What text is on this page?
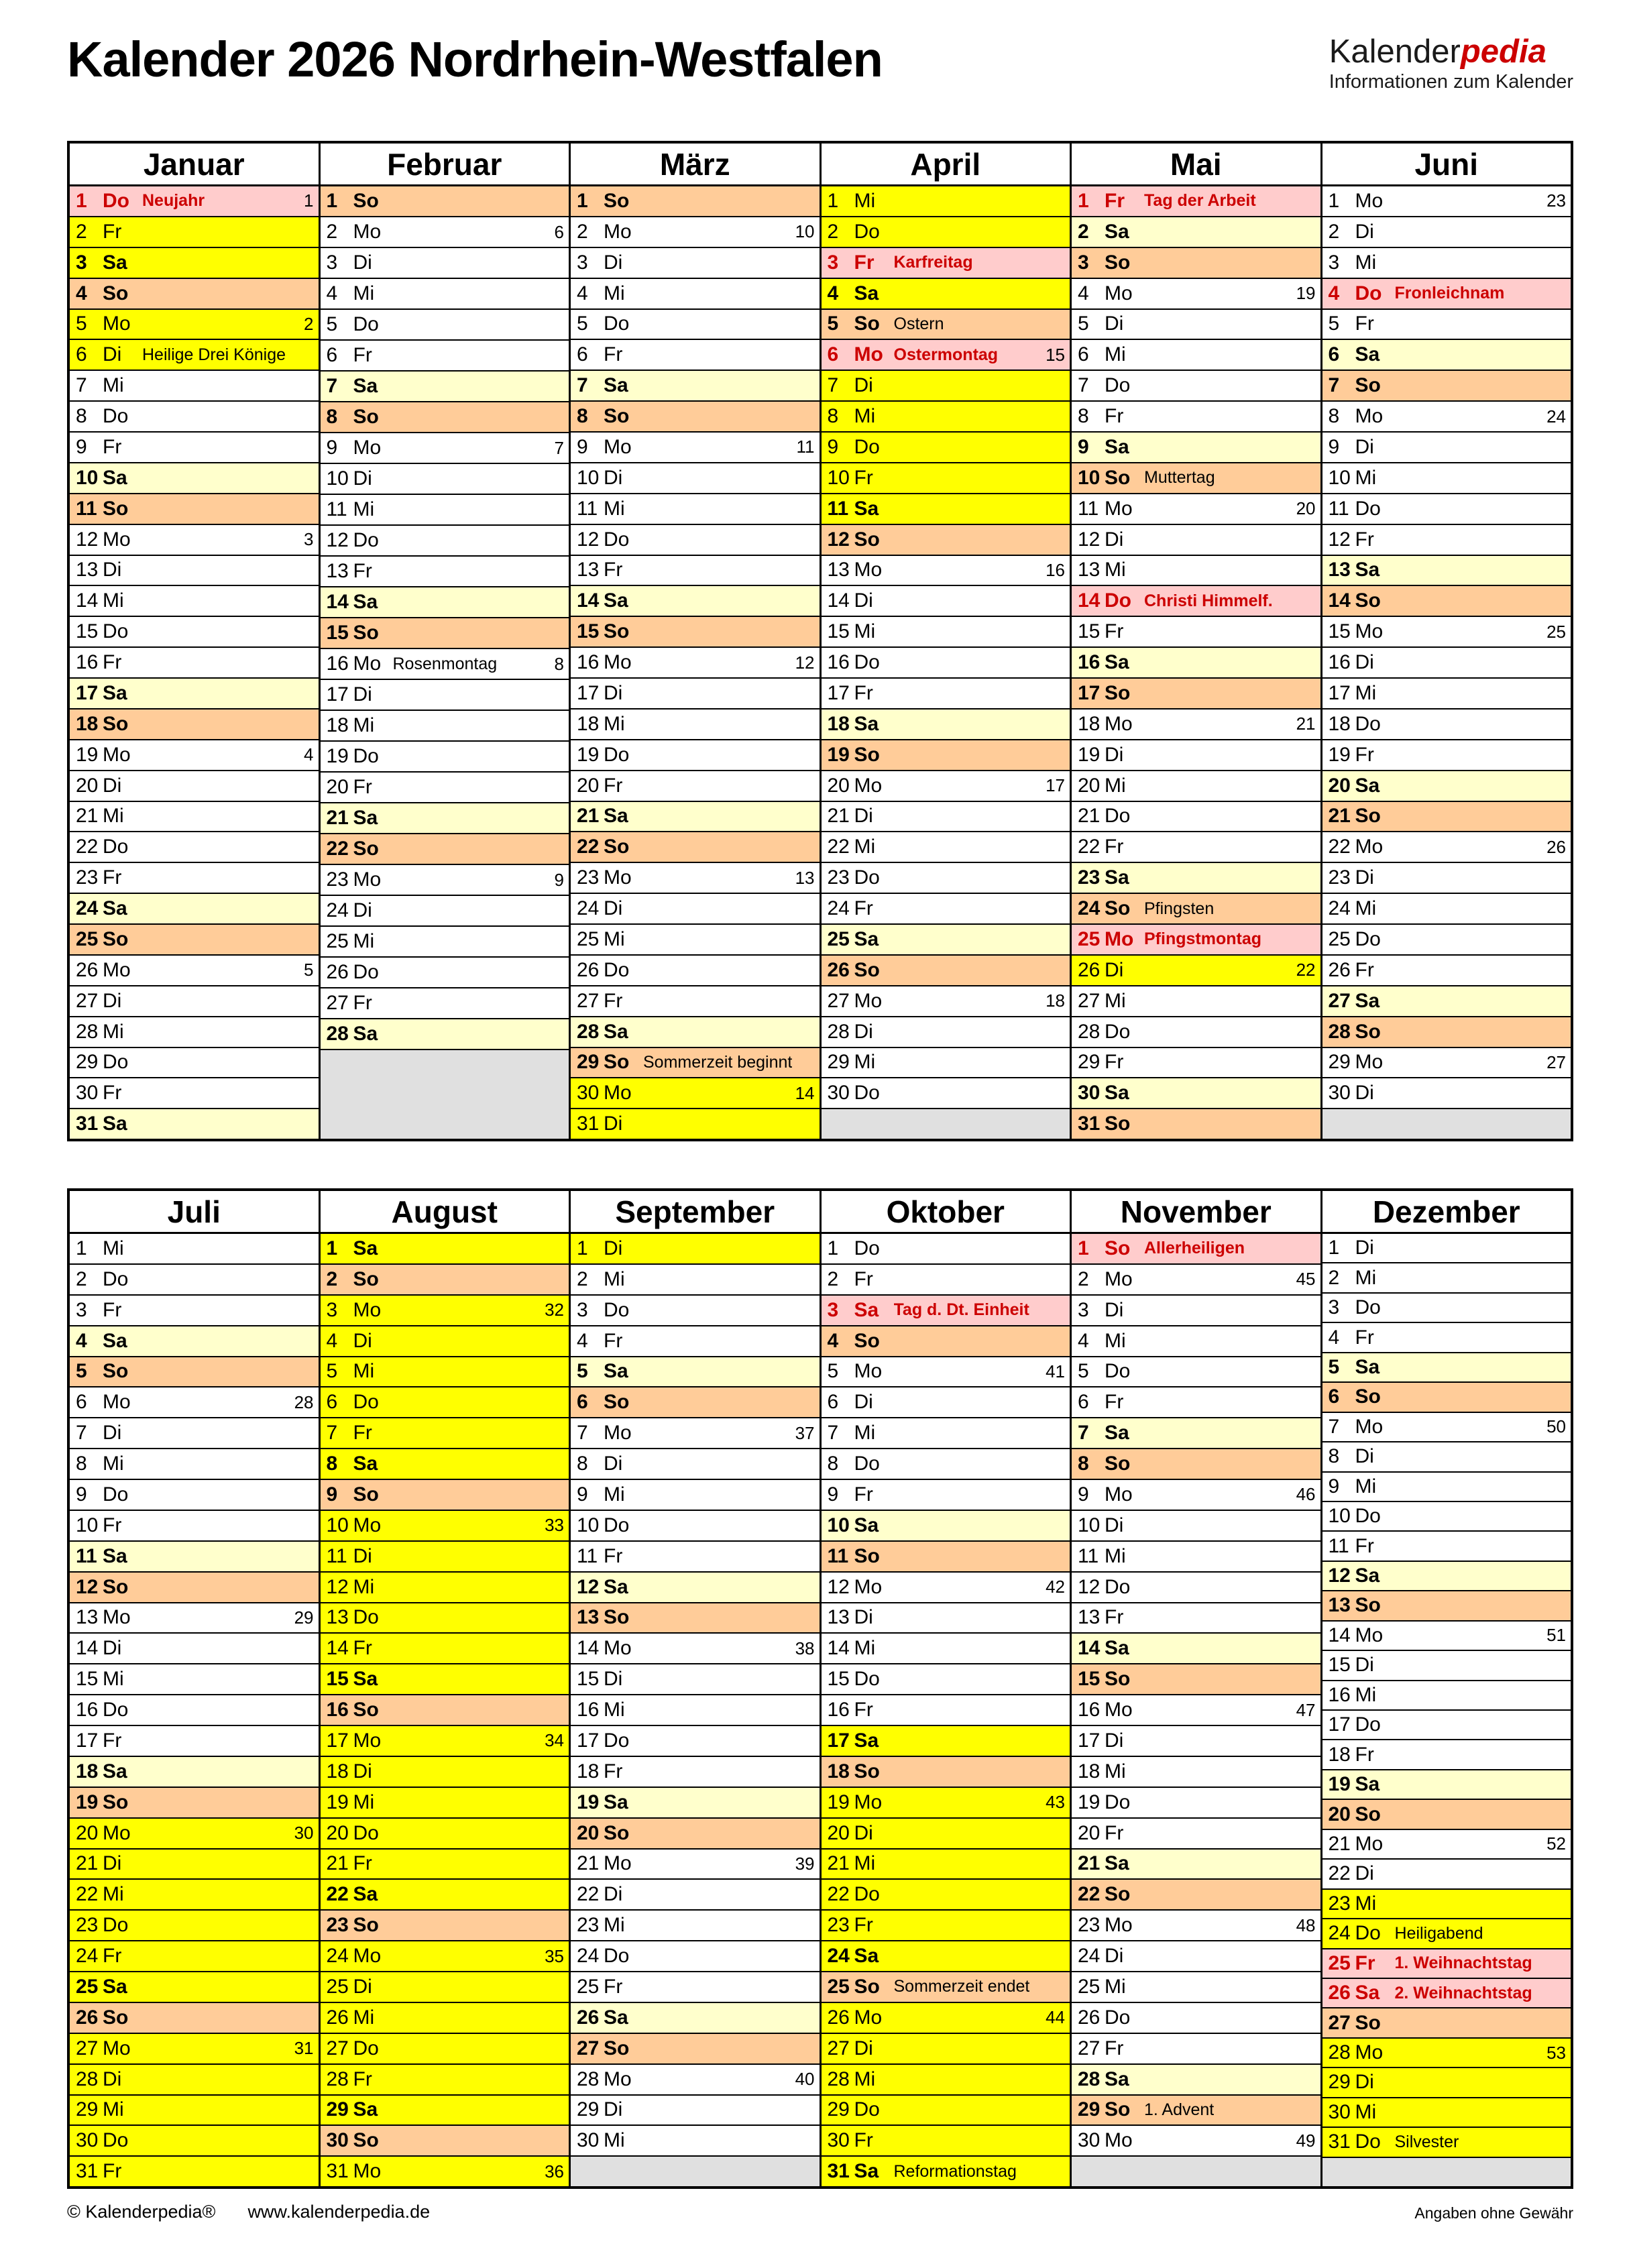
Kalender 2026 Nordrhein-Westfalen	Kalenderpedia
Informationen zum Kalender
Januar
1 Do Neujahr	1
2 Fr
3 Sa
4 So
5 Mo	2
6 Di	Heilige Drei Könige
7 Mi
8 Do
9 Fr
10 Sa
11 So
12 Mo	3
13 Di
14 Mi
15 Do
16 Fr
17 Sa
18 So
19 Mo	4
20 Di
21 Mi
22 Do
23 Fr
24 Sa
25 So
26 Mo	5
27 Di
28 Mi
29 Do
30 Fr
31 Sa
Februar
1 So
2 Mo	6
3 Di
4 Mi
5 Do
6 Fr
7 Sa
8 So
9 Mo	7
10 Di
11 Mi
12 Do
13 Fr
14 Sa
15 So
16 Mo Rosenmontag	8
17 Di
18 Mi
19 Do
20 Fr
21 Sa
22 So
23 Mo	9
24 Di
25 Mi
26 Do
27 Fr
28 Sa
März
1 So
2 Mo	10
3 Di
4 Mi
5 Do
6 Fr
7 Sa
8 So
9 Mo	11
10 Di
11 Mi
12 Do
13 Fr
14 Sa
15 So
16 Mo	12
17 Di
18 Mi
19 Do
20 Fr
21 Sa
22 So
23 Mo	13
24 Di
25 Mi
26 Do
27 Fr
28 Sa
29 So Sommerzeit beginnt
30 Mo	14
31 Di
April
1 Mi
2 Do
3 Fr	Karfreitag
4 Sa
5 So Ostern
6 Mo Ostermontag	15
7 Di
8 Mi
9 Do
10 Fr
11 Sa
12 So
13 Mo	16
14 Di
15 Mi
16 Do
17 Fr
18 Sa
19 So
20 Mo	17
21 Di
22 Mi
23 Do
24 Fr
25 Sa
26 So
27 Mo	18
28 Di
29 Mi
30 Do
Mai
1 Fr	Tag der Arbeit
2 Sa
3 So
4 Mo	19
5 Di
6 Mi
7 Do
8 Fr
9 Sa
10 So Muttertag
11 Mo	20
12 Di
13 Mi
14 Do Christi Himmelf.
15 Fr
16 Sa
17 So
18 Mo	21
19 Di
20 Mi
21 Do
22 Fr
23 Sa
24 So Pfingsten
25 Mo Pfingstmontag
26 Di	22
27 Mi
28 Do
29 Fr
30 Sa
31 So
Juni
1 Mo	23
2 Di
3 Mi
4 Do Fronleichnam
5 Fr
6 Sa
7 So
8 Mo	24
9 Di
10 Mi
11 Do
12 Fr
13 Sa
14 So
15 Mo	25
16 Di
17 Mi
18 Do
19 Fr
20 Sa
21 So
22 Mo	26
23 Di
24 Mi
25 Do
26 Fr
27 Sa
28 So
29 Mo	27
30 Di
Juli
1 Mi
2 Do
3 Fr
4 Sa
5 So
6 Mo	28
7 Di
8 Mi
9 Do
10 Fr
11 Sa
12 So
13 Mo	29
14 Di
15 Mi
16 Do
17 Fr
18 Sa
19 So
20 Mo	30
21 Di
22 Mi
23 Do
24 Fr
25 Sa
26 So
27 Mo	31
28 Di
29 Mi
30 Do
31 Fr
August
1 Sa
2 So
3 Mo	32
4 Di
5 Mi
6 Do
7 Fr
8 Sa
9 So
10 Mo	33
11 Di
12 Mi
13 Do
14 Fr
15 Sa
16 So
17 Mo	34
18 Di
19 Mi
20 Do
21 Fr
22 Sa
23 So
24 Mo	35
25 Di
26 Mi
27 Do
28 Fr
29 Sa
30 So
31 Mo	36
September
1 Di
2 Mi
3 Do
4 Fr
5 Sa
6 So
7 Mo	37
8 Di
9 Mi
10 Do
11 Fr
12 Sa
13 So
14 Mo	38
15 Di
16 Mi
17 Do
18 Fr
19 Sa
20 So
21 Mo	39
22 Di
23 Mi
24 Do
25 Fr
26 Sa
27 So
28 Mo	40
29 Di
30 Mi
Oktober
1 Do
2 Fr
3 Sa Tag d. Dt. Einheit
4 So
5 Mo	41
6 Di
7 Mi
8 Do
9 Fr
10 Sa
11 So
12 Mo	42
13 Di
14 Mi
15 Do
16 Fr
17 Sa
18 So
19 Mo	43
20 Di
21 Mi
22 Do
23 Fr
24 Sa
25 So Sommerzeit endet
26 Mo	44
27 Di
28 Mi
29 Do
30 Fr
31 Sa Reformationstag
November
1 So Allerheiligen
2 Mo	45
3 Di
4 Mi
5 Do
6 Fr
7 Sa
8 So
9 Mo	46
10 Di
11 Mi
12 Do
13 Fr
14 Sa
15 So
16 Mo	47
17 Di
18 Mi
19 Do
20 Fr
21 Sa
22 So
23 Mo	48
24 Di
25 Mi
26 Do
27 Fr
28 Sa
29 So 1. Advent
30 Mo	49
Dezember
1 Di
2 Mi
3 Do
4 Fr
5 Sa
6 So
7 Mo	50
8 Di
9 Mi
10 Do
11 Fr
12 Sa
13 So
14 Mo	51
15 Di
16 Mi
17 Do
18 Fr
19 Sa
20 So
21 Mo	52
22 Di
23 Mi
24 Do Heiligabend
25 Fr	1. Weihnachtstag
26 Sa 2. Weihnachtstag
27 So
28 Mo	53
29 Di
30 Mi
31 Do Silvester
© Kalenderpedia® www.kalenderpedia.de	Angaben ohne Gewähr
